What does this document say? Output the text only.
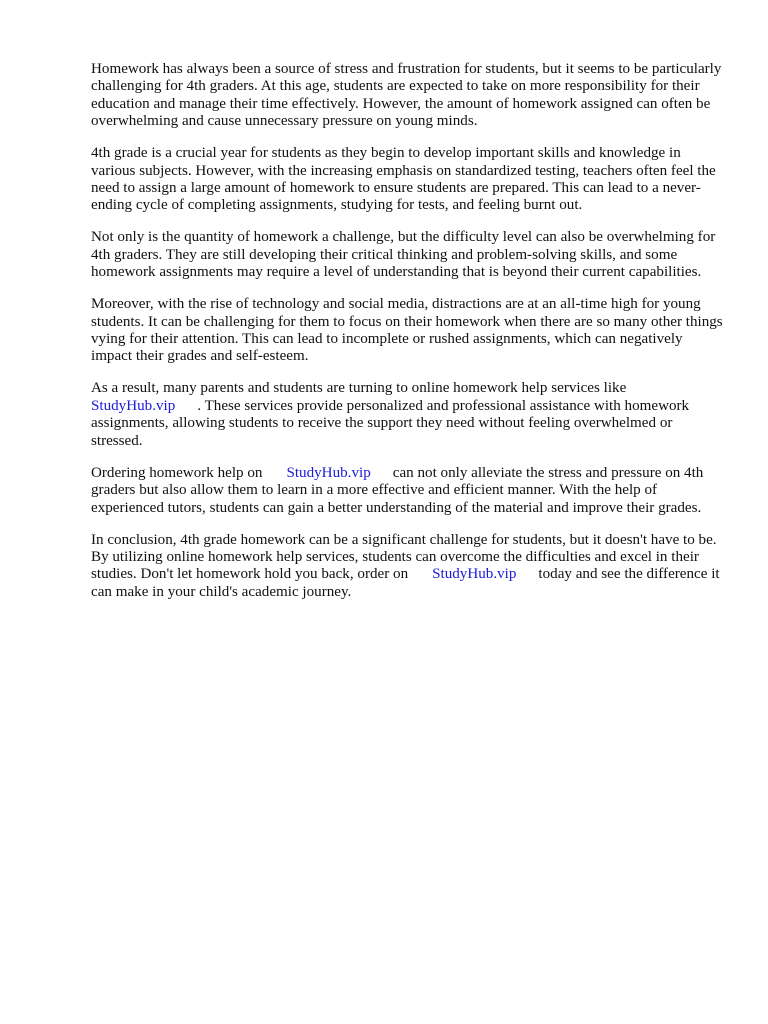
Homework has always been a source of stress and frustration for students, but it seems to be particularly challenging for 4th graders. At this age, students are expected to take on more responsibility for their education and manage their time effectively. However, the amount of homework assigned can often be overwhelming and cause unnecessary pressure on young minds.

4th grade is a crucial year for students as they begin to develop important skills and knowledge in various subjects. However, with the increasing emphasis on standardized testing, teachers often feel the need to assign a large amount of homework to ensure students are prepared. This can lead to a never-ending cycle of completing assignments, studying for tests, and feeling burnt out.

Not only is the quantity of homework a challenge, but the difficulty level can also be overwhelming for 4th graders. They are still developing their critical thinking and problem-solving skills, and some homework assignments may require a level of understanding that is beyond their current capabilities.

Moreover, with the rise of technology and social media, distractions are at an all-time high for young students. It can be challenging for them to focus on their homework when there are so many other things vying for their attention. This can lead to incomplete or rushed assignments, which can negatively impact their grades and self-esteem.

As a result, many parents and students are turning to online homework help services like
StudyHub.vip . These services provide personalized and professional assistance with homework assignments, allowing students to receive the support they need without feeling overwhelmed or stressed.

Ordering homework help on StudyHub.vip can not only alleviate the stress and pressure on 4th graders but also allow them to learn in a more effective and efficient manner. With the help of experienced tutors, students can gain a better understanding of the material and improve their grades.

In conclusion, 4th grade homework can be a significant challenge for students, but it doesn't have to be. By utilizing online homework help services, students can overcome the difficulties and excel in their studies. Don't let homework hold you back, order on StudyHub.vip today and see the difference it can make in your child's academic journey.
